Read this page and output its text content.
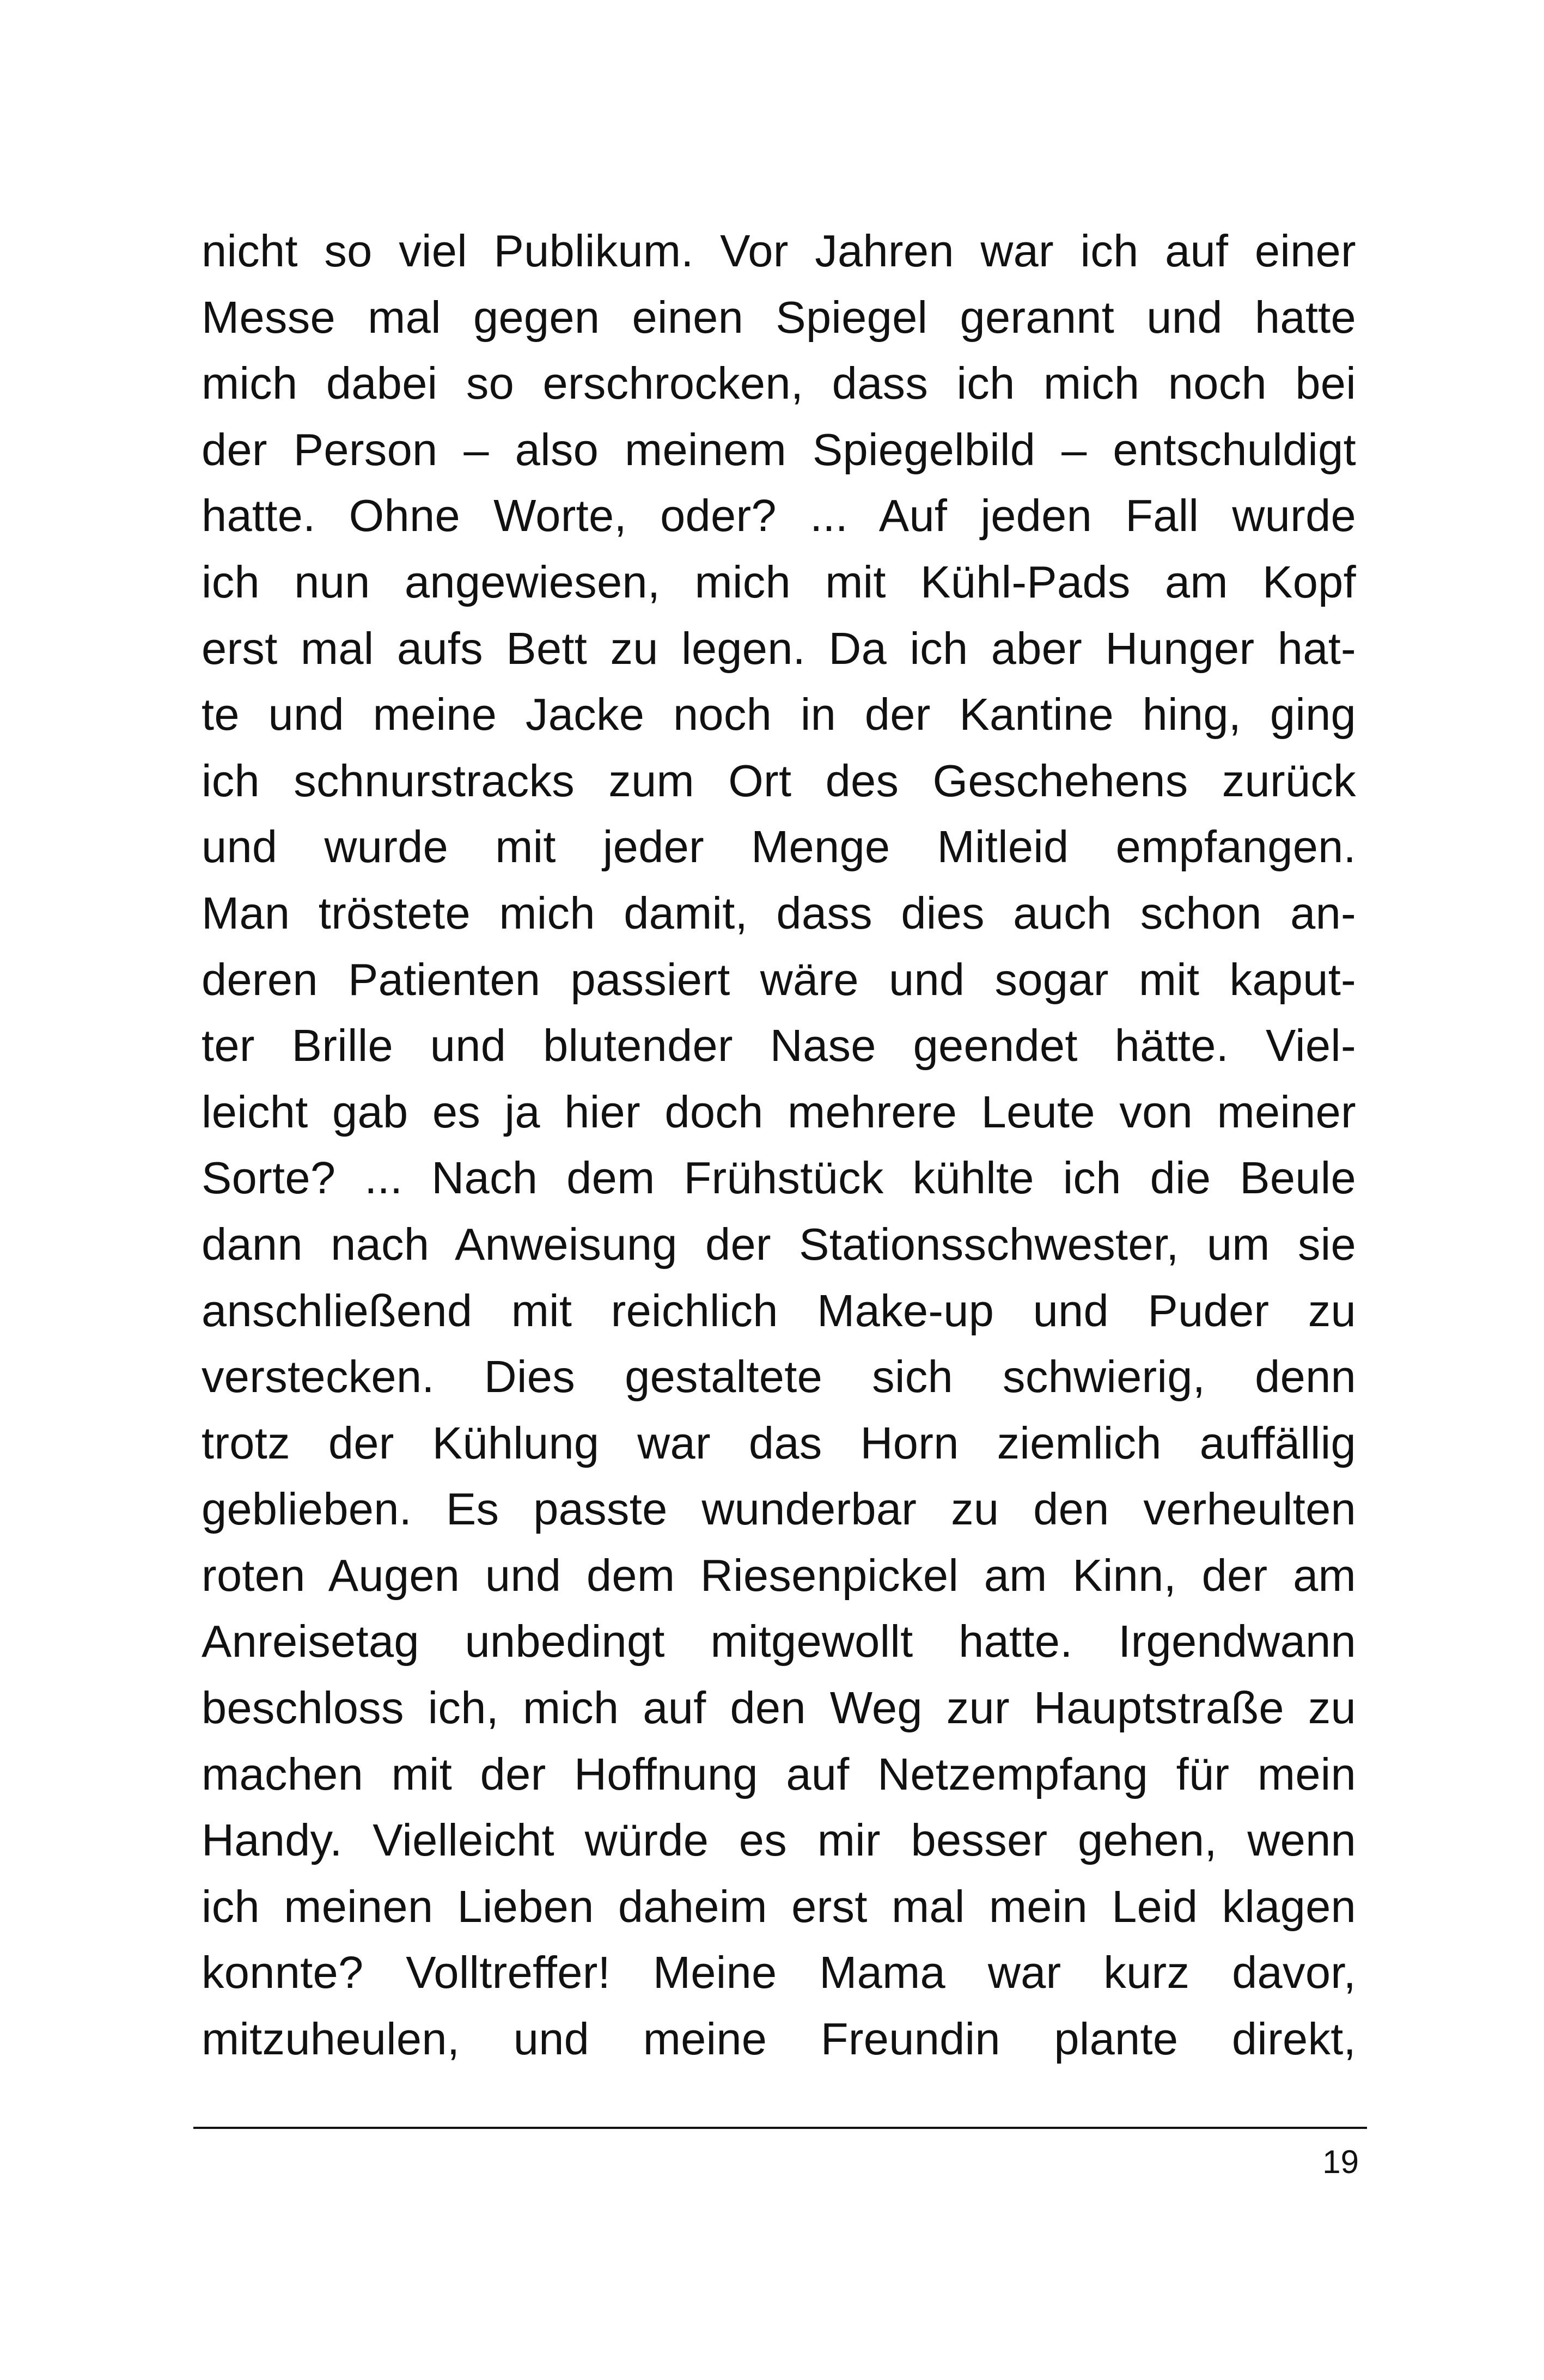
nicht so viel Publikum. Vor Jahren war ich auf einer
Messe mal gegen einen Spiegel gerannt und hatte
mich dabei so erschrocken, dass ich mich noch bei
der Person – also meinem Spiegelbild – entschuldigt
hatte. Ohne Worte, oder? ... Auf jeden Fall wurde
ich nun angewiesen, mich mit Kühl-Pads am Kopf
erst mal aufs Bett zu legen. Da ich aber Hunger hat-
te und meine Jacke noch in der Kantine hing, ging
ich schnurstracks zum Ort des Geschehens zurück
und wurde mit jeder Menge Mitleid empfangen.
Man tröstete mich damit, dass dies auch schon an-
deren Patienten passiert wäre und sogar mit kaput-
ter Brille und blutender Nase geendet hätte. Viel-
leicht gab es ja hier doch mehrere Leute von meiner
Sorte? ... Nach dem Frühstück kühlte ich die Beule
dann nach Anweisung der Stationsschwester, um sie
anschließend mit reichlich Make-up und Puder zu
verstecken. Dies gestaltete sich schwierig, denn
trotz der Kühlung war das Horn ziemlich auffällig
geblieben. Es passte wunderbar zu den verheulten
roten Augen und dem Riesenpickel am Kinn, der am
Anreisetag unbedingt mitgewollt hatte. Irgendwann
beschloss ich, mich auf den Weg zur Hauptstraße zu
machen mit der Hoffnung auf Netzempfang für mein
Handy. Vielleicht würde es mir besser gehen, wenn
ich meinen Lieben daheim erst mal mein Leid klagen
konnte? Volltreffer! Meine Mama war kurz davor,
mitzuheulen, und meine Freundin plante direkt,
19
